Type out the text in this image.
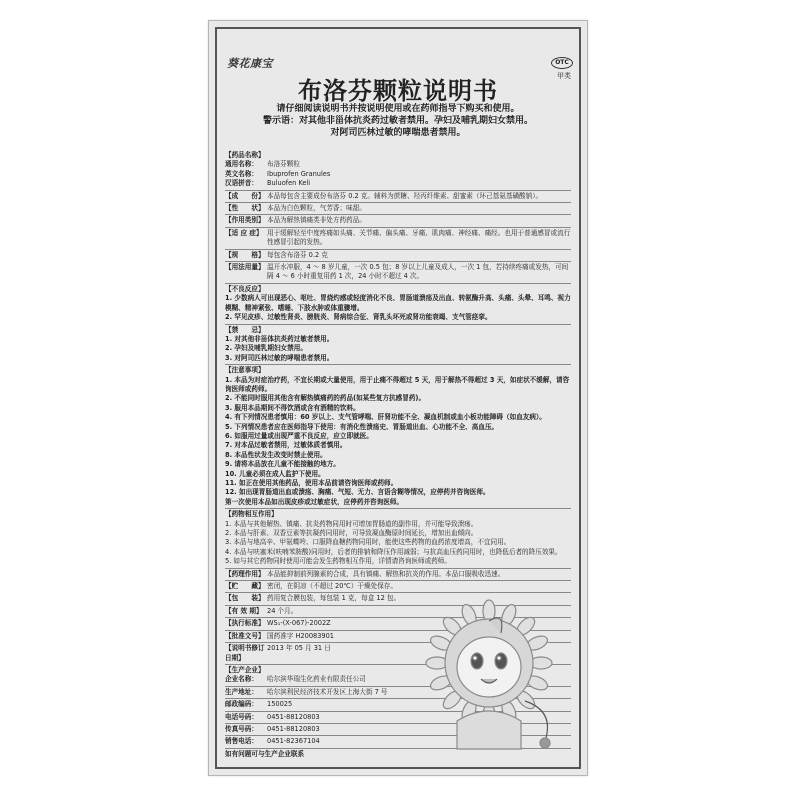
葵花康宝	OTC
甲类
布洛芬颗粒说明书
请仔细阅读说明书并按说明使用或在药师指导下购买和使用。
警示语：对其他非甾体抗炎药过敏者禁用。孕妇及哺乳期妇女禁用。
对阿司匹林过敏的哮喘患者禁用。
【药品名称】
通用名称：	布洛芬颗粒
英文名称：	Ibuprofen Granules
汉语拼音：	Buluofen Keli
【成　　份】 本品每包含主要成份布洛芬 0.2 克。辅料为蔗糖、羟丙纤维素、甜蜜素（环己基氨基磺酸钠）。
【性　　状】 本品为白色颗粒，气芳香；味甜。
【作用类别】 本品为解热镇痛类非处方药药品。
【适 应 症】 用于缓解轻至中度疼痛如头痛、关节痛、偏头痛、牙痛、肌肉痛、神经痛、痛经。也用于普通感冒或流行性感冒引起的发热。
【规　　格】 每包含布洛芬 0.2 克
【用法用量】 温开水冲服，4 ～ 8 岁儿童，一次 0.5 包；8 岁以上儿童及成人，一次 1 包，若持续疼痛或发热，可间隔 4 ～ 6 小时重复用药 1 次，24 小时不超过 4 次。
【不良反应】
1. 少数病人可出现恶心、呕吐、胃烧灼感或轻度消化不良、胃肠道溃疡及出血、转氨酶升高、头痛、头晕、耳鸣、视力模糊、精神紧张、嗜睡、下肢水肿或体重骤增。
2. 罕见皮疹、过敏性肾炎、膀胱炎、肾病综合征、肾乳头坏死或肾功能衰竭、支气管痉挛。
【禁　　忌】
1. 对其他非甾体抗炎药过敏者禁用。
2. 孕妇及哺乳期妇女禁用。
3. 对阿司匹林过敏的哮喘患者禁用。
【注意事项】
1. 本品为对症治疗药，不宜长期或大量使用，用于止痛不得超过 5 天，用于解热不得超过 3 天，如症状不缓解，请咨询医师或药师。
2. 不能同时服用其他含有解热镇痛药的药品(如某些复方抗感冒药)。
3. 服用本品期间不得饮酒或含有酒精的饮料。
4. 有下列情况患者慎用：60 岁以上、支气管哮喘、肝肾功能不全、凝血机制或血小板功能障碍（如血友病）。
5. 下列情况患者应在医师指导下使用：有消化性溃疡史、胃肠道出血、心功能不全、高血压。
6. 如服用过量或出现严重不良反应，应立即就医。
7. 对本品过敏者禁用，过敏体质者慎用。
8. 本品性状发生改变时禁止使用。
9. 请将本品放在儿童不能接触的地方。
10. 儿童必须在成人监护下使用。
11. 如正在使用其他药品，使用本品前请咨询医师或药师。
12. 如出现胃肠道出血或溃疡、胸痛、气短、无力、言语含糊等情况，应停药并咨询医师。
第一次使用本品如出现皮疹或过敏症状，应停药并咨询医师。
【药物相互作用】
1. 本品与其他解热、镇痛、抗炎药物同用时可增加胃肠道的副作用，并可能导致溃疡。
2. 本品与肝素、双香豆素等抗凝药同用时，可导致凝血酶原时间延长，增加出血倾向。
3. 本品与地高辛、甲氨蝶呤、口服降血糖药物同用时，能使这些药物的血药浓度增高，不宜同用。
4. 本品与呋塞米(呋喃苯胺酸)同用时，后者的排钠和降压作用减弱；与抗高血压药同用时，也降低后者的降压效果。
5. 如与其它药物同时使用可能会发生药物相互作用，详情请咨询医师或药师。
【药理作用】 本品能抑制前列腺素的合成，具有镇痛、解热和抗炎的作用。本品口服吸收迅速。
【贮　　藏】 密闭，在阴凉（不超过 20℃）干燥处保存。
【包　　装】 药用复合膜包装，每包装 1 克，每盒 12 包。
【有 效 期】 24 个月。
【执行标准】 WS₁-(X-067)-2002Z
【批准文号】 国药准字 H20083901
【说明书修订日期】
2013 年 05 月 31 日
【生产企业】
企业名称：	哈尔滨华瑞生化药业有限责任公司
生产地址：	哈尔滨利民经济技术开发区上海大街 7 号
邮政编码：	150025
电话号码：	0451-88120803
传真号码：	0451-88120803
销售电话：	0451-82367104
如有问题可与生产企业联系
